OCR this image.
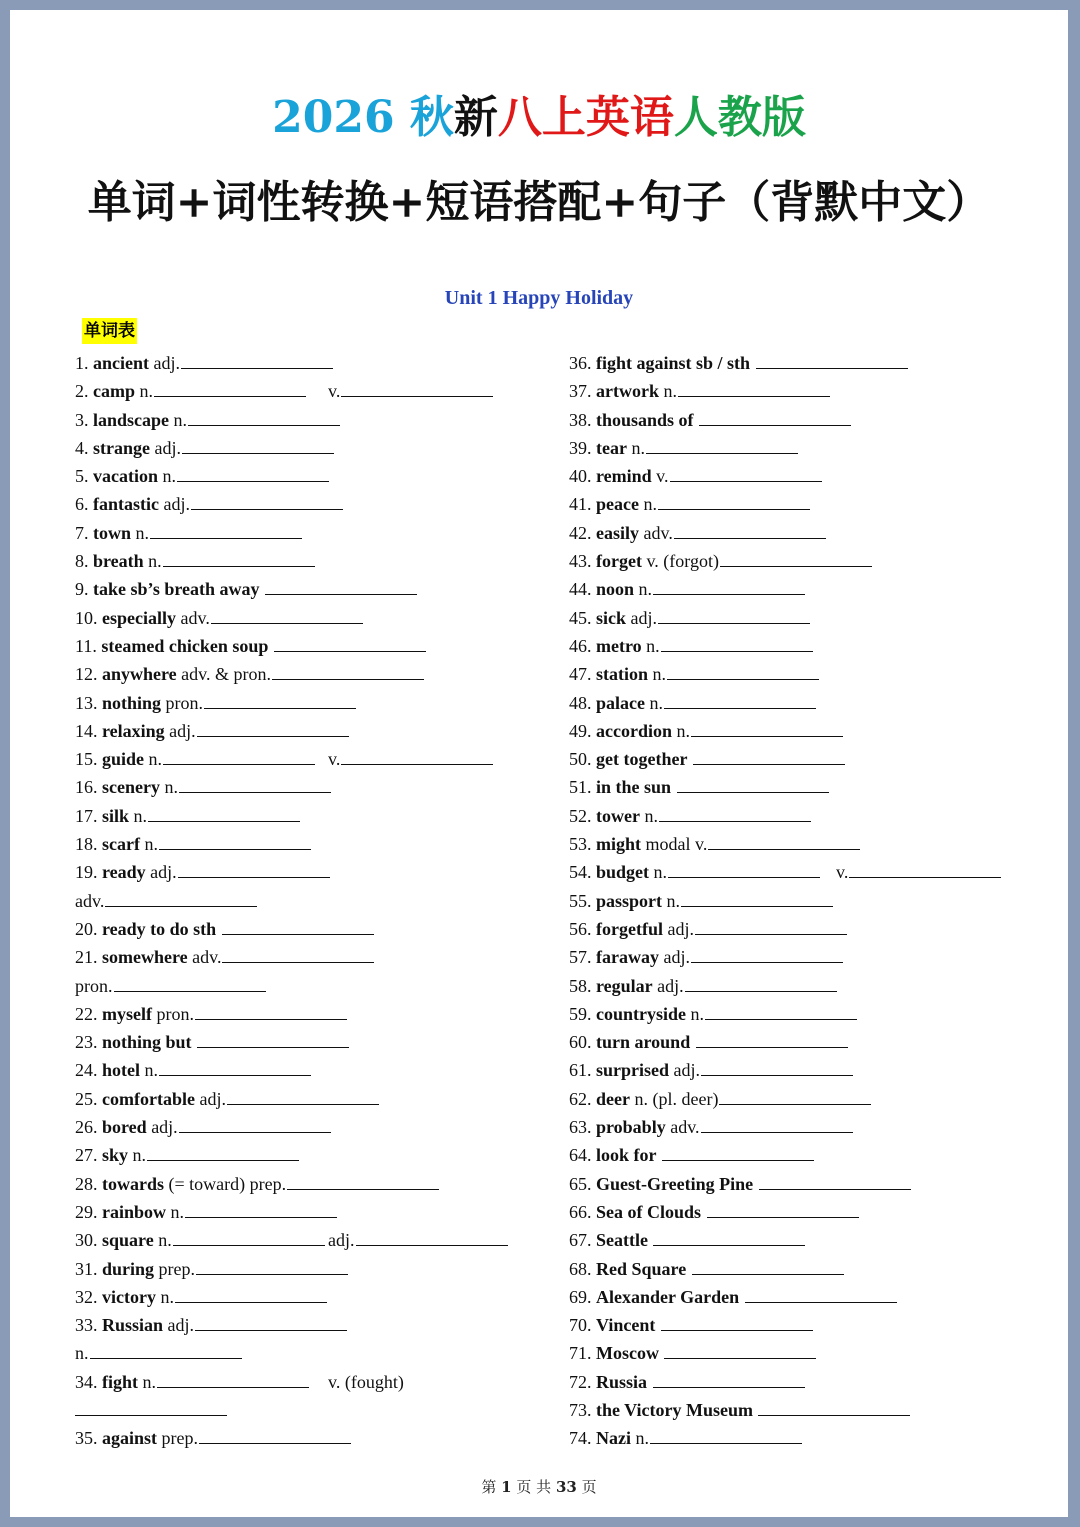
2026 秋新八上英语人教版
单词+词性转换+短语搭配+句子（背默中文）
Unit 1 Happy Holiday
单词表
1. ancient adj.
2. camp n.	v.
3. landscape n.
4. strange adj.
5. vacation n.
6. fantastic adj.
7. town n.
8. breath n.
9. take sb’s breath away
10. especially adv.
11. steamed chicken soup
12. anywhere adv. & pron.
13. nothing pron.
14. relaxing adj.
15. guide n.	v.
16. scenery n.
17. silk n.
18. scarf n.
19. ready adj.
adv.
20. ready to do sth
21. somewhere adv.
pron.
22. myself pron.
23. nothing but
24. hotel n.
25. comfortable adj.
26. bored adj.
27. sky n.
28. towards (= toward) prep.
29. rainbow n.
30. square n.	adj.
31. during prep.
32. victory n.
33. Russian adj.
n.
34. fight n.	v. (fought)
35. against prep.
36. fight against sb / sth
37. artwork n.
38. thousands of
39. tear n.
40. remind v.
41. peace n.
42. easily adv.
43. forget v. (forgot)
44. noon n.
45. sick adj.
46. metro n.
47. station n.
48. palace n.
49. accordion n.
50. get together
51. in the sun
52. tower n.
53. might modal v.
54. budget n.	v.
55. passport n.
56. forgetful adj.
57. faraway adj.
58. regular adj.
59. countryside n.
60. turn around
61. surprised adj.
62. deer n. (pl. deer)
63. probably adv.
64. look for
65. Guest-Greeting Pine
66. Sea of Clouds
67. Seattle
68. Red Square
69. Alexander Garden
70. Vincent
71. Moscow
72. Russia
73. the Victory Museum
74. Nazi n.
第 1 页 共 33 页
